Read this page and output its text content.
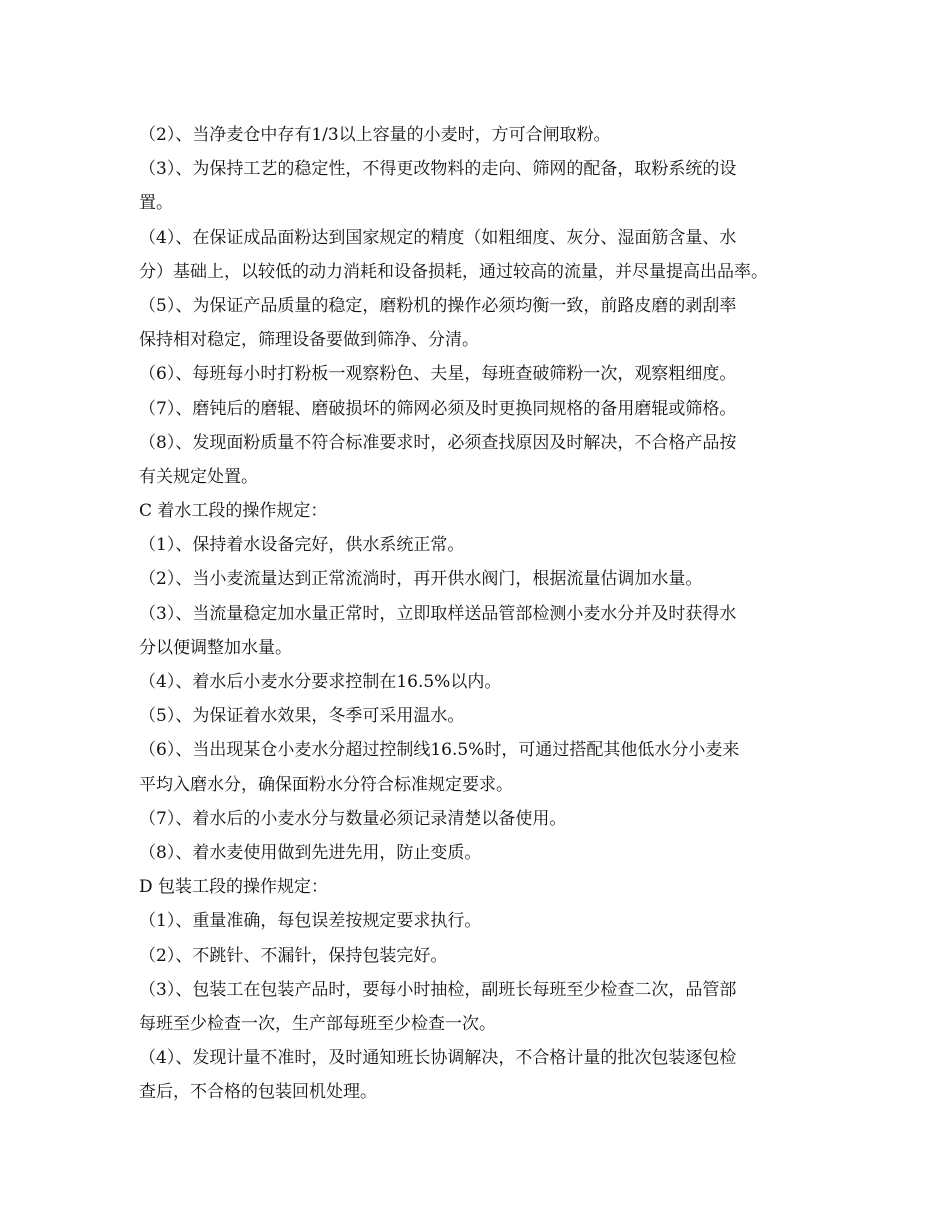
（2）、当净麦仓中存有1/3以上容量的小麦时，方可合闸取粉。
（3）、为保持工艺的稳定性，不得更改物料的走向、筛网的配备，取粉系统的设
置。
（4）、在保证成品面粉达到国家规定的精度（如粗细度、灰分、湿面筋含量、水
分）基础上，以较低的动力消耗和设备损耗，通过较高的流量，并尽量提高出品率。
（5）、为保证产品质量的稳定，磨粉机的操作必须均衡一致，前路皮磨的剥刮率
保持相对稳定，筛理设备要做到筛净、分清。
（6）、每班每小时打粉板一观察粉色、夫星，每班查破筛粉一次，观察粗细度。
（7）、磨钝后的磨辊、磨破损坏的筛网必须及时更换同规格的备用磨辊或筛格。
（8）、发现面粉质量不符合标准要求时，必须查找原因及时解决，不合格产品按
有关规定处置。
C 着水工段的操作规定：
（1）、保持着水设备完好，供水系统正常。
（2）、当小麦流量达到正常流淌时，再开供水阀门，根据流量估调加水量。
（3）、当流量稳定加水量正常时，立即取样送品管部检测小麦水分并及时获得水
分以便调整加水量。
（4）、着水后小麦水分要求控制在16.5%以内。
（5）、为保证着水效果，冬季可采用温水。
（6）、当出现某仓小麦水分超过控制线16.5%时，可通过搭配其他低水分小麦来
平均入磨水分，确保面粉水分符合标准规定要求。
（7）、着水后的小麦水分与数量必须记录清楚以备使用。
（8）、着水麦使用做到先进先用，防止变质。
D 包装工段的操作规定：
（1）、重量准确，每包误差按规定要求执行。
（2）、不跳针、不漏针，保持包装完好。
（3）、包装工在包装产品时，要每小时抽检，副班长每班至少检查二次，品管部
每班至少检查一次，生产部每班至少检查一次。
（4）、发现计量不准时，及时通知班长协调解决，不合格计量的批次包装逐包检
查后，不合格的包装回机处理。
